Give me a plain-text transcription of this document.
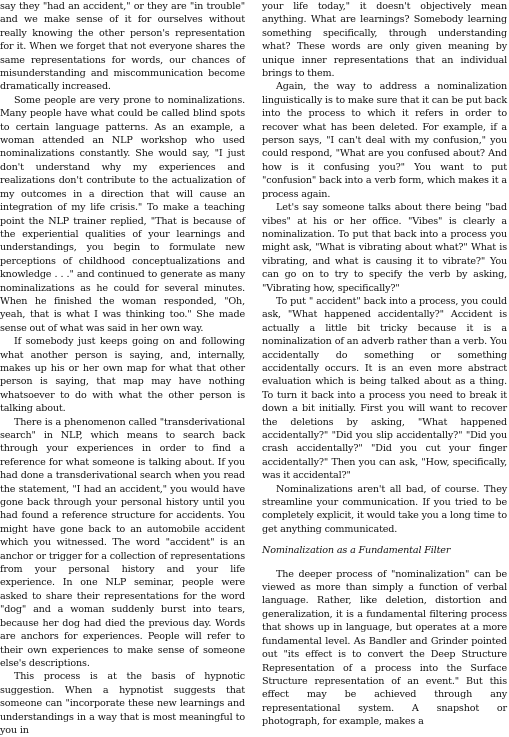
say they "had an accident," or they are "in trouble" and we make sense of it for ourselves without really knowing the other person's representation for it. When we forget that not everyone shares the same representations for words, our chances of misunderstanding and miscommunication become dramatically increased.

Some people are very prone to nominalizations. Many people have what could be called blind spots to certain language patterns. As an example, a woman attended an NLP workshop who used nominalizations constantly. She would say, "I just don't understand why my experiences and realizations don't contribute to the actualization of my outcomes in a direction that will cause an integration of my life crisis." To make a teaching point the NLP trainer replied, "That is because of the experiential qualities of your learnings and understandings, you begin to formulate new perceptions of childhood conceptualizations and knowledge . . ." and continued to generate as many nominalizations as he could for several minutes. When he finished the woman responded, "Oh, yeah, that is what I was thinking too." She made sense out of what was said in her own way.

If somebody just keeps going on and following what another person is saying, and, internally, makes up his or her own map for what that other person is saying, that map may have nothing whatsoever to do with what the other person is talking about.

There is a phenomenon called "transderivational search" in NLP, which means to search back through your experiences in order to find a reference for what someone is talking about. If you had done a transderivational search when you read the statement, "I had an accident," you would have gone back through your personal history until you had found a reference structure for accidents. You might have gone back to an automobile accident which you witnessed. The word "accident" is an anchor or trigger for a collection of representations from your personal history and your life experience. In one NLP seminar, people were asked to share their representations for the word "dog" and a woman suddenly burst into tears, because her dog had died the previous day. Words are anchors for experiences. People will refer to their own experiences to make sense of someone else's descriptions.

This process is at the basis of hypnotic suggestion. When a hypnotist suggests that someone can "incorporate these new learnings and understandings in a way that is most meaningful to you in

your life today," it doesn't objectively mean anything. What are learnings? Somebody learning something specifically, through understanding what? These words are only given meaning by unique inner representations that an individual brings to them.

Again, the way to address a nominalization linguistically is to make sure that it can be put back into the process to which it refers in order to recover what has been deleted. For example, if a person says, "I can't deal with my confusion," you could respond, "What are you confused about? And how is it confusing you?" You want to put "confusion" back into a verb form, which makes it a process again.

Let's say someone talks about there being "bad vibes" at his or her office. "Vibes" is clearly a nominalization. To put that back into a process you might ask, "What is vibrating about what?" What is vibrating, and what is causing it to vibrate?" You can go on to try to specify the verb by asking, "Vibrating how, specifically?"

To put " accident" back into a process, you could ask, "What happened accidentally?" Accident is actually a little bit tricky because it is a nominalization of an adverb rather than a verb. You accidentally do something or something accidentally occurs. It is an even more abstract evaluation which is being talked about as a thing. To turn it back into a process you need to break it down a bit initially. First you will want to recover the deletions by asking, "What happened accidentally?" "Did you slip accidentally?" "Did you crash accidentally?" "Did you cut your finger accidentally?" Then you can ask, "How, specifically, was it accidental?"

Nominalizations aren't all bad, of course. They streamline your communication. If you tried to be completely explicit, it would take you a long time to get anything communicated.

Nominalization as a Fundamental Filter

The deeper process of "nominalization" can be viewed as more than simply a function of verbal language. Rather, like deletion, distortion and generalization, it is a fundamental filtering process that shows up in language, but operates at a more fundamental level. As Bandler and Grinder pointed out "its effect is to convert the Deep Structure Representation of a process into the Surface Structure representation of an event." But this effect may be achieved through any representational system. A snapshot or photograph, for example, makes a
